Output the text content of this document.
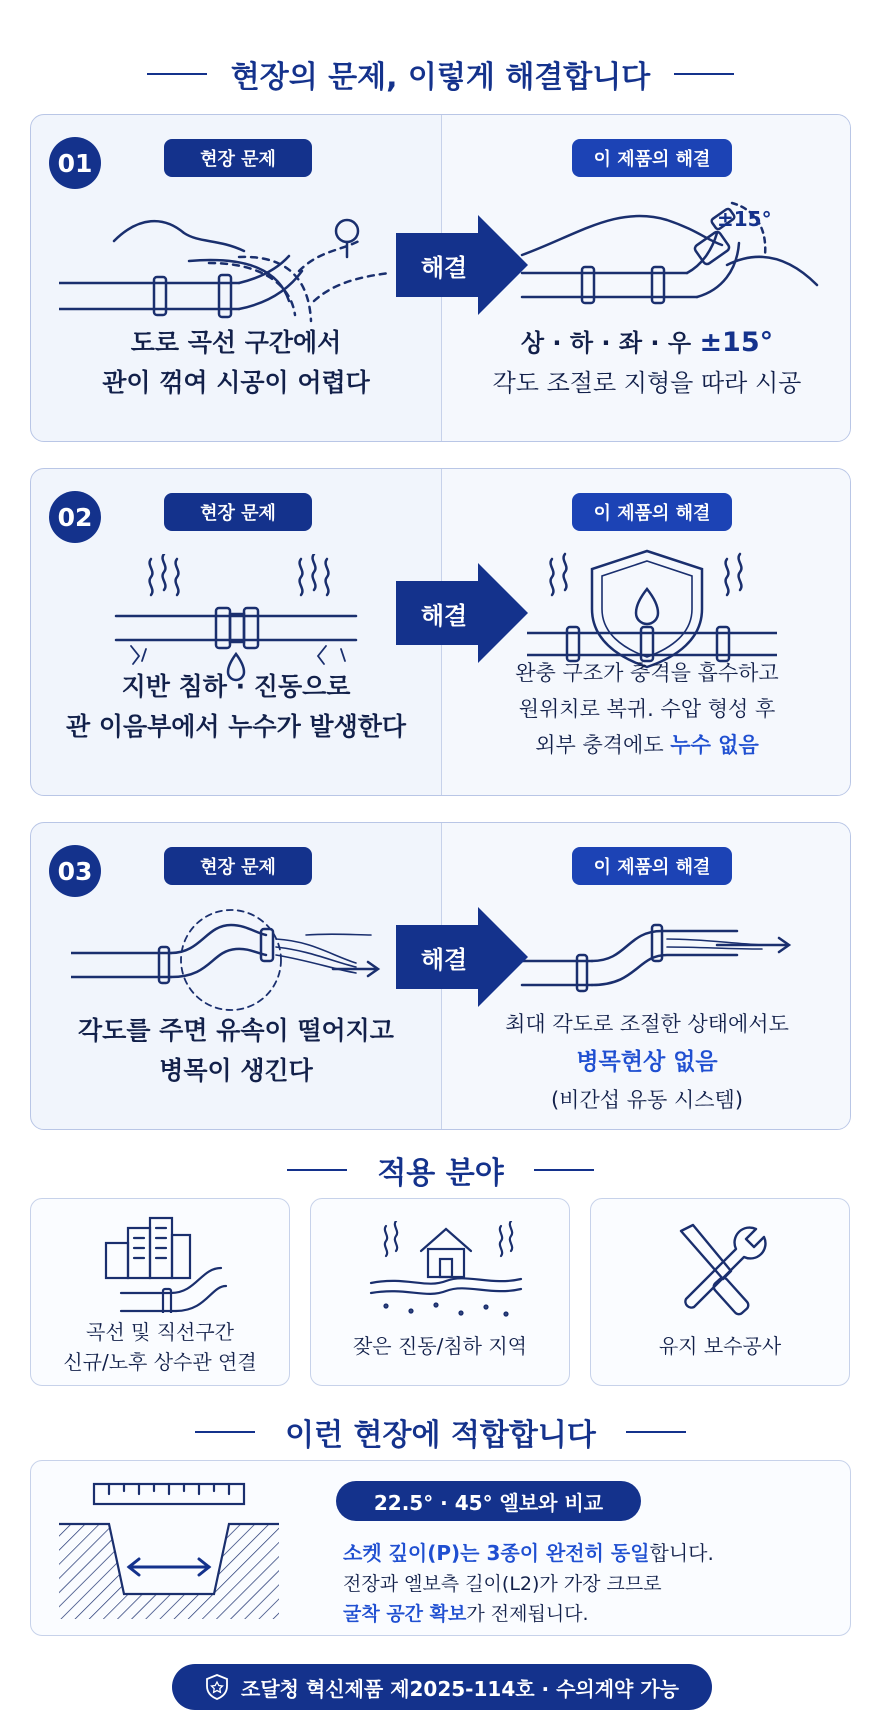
현장의 문제, 이렇게 해결합니다
01	현장 문제
도로 곡선 구간에서
관이 꺾여 시공이 어렵다
이 제품의 해결
±15°
상 · 하 · 좌 · 우 ±15°
각도 조절로 지형을 따라 시공
해결
02	현장 문제
지반 침하 · 진동으로
관 이음부에서 누수가 발생한다
이 제품의 해결
완충 구조가 충격을 흡수하고
원위치로 복귀. 수압 형성 후
외부 충격에도 누수 없음
해결
03	현장 문제
각도를 주면 유속이 떨어지고
병목이 생긴다
이 제품의 해결
최대 각도로 조절한 상태에서도
병목현상 없음
(비간섭 유동 시스템)
해결
적용 분야
곡선 및 직선구간
신규/노후 상수관 연결
잦은 진동/침하 지역	유지 보수공사
이런 현장에 적합합니다
22.5° · 45° 엘보와 비교
소켓 깊이(P)는 3종이 완전히 동일합니다.
전장과 엘보측 길이(L2)가 가장 크므로
굴착 공간 확보가 전제됩니다.
조달청 혁신제품 제2025-114호 · 수의계약 가능
